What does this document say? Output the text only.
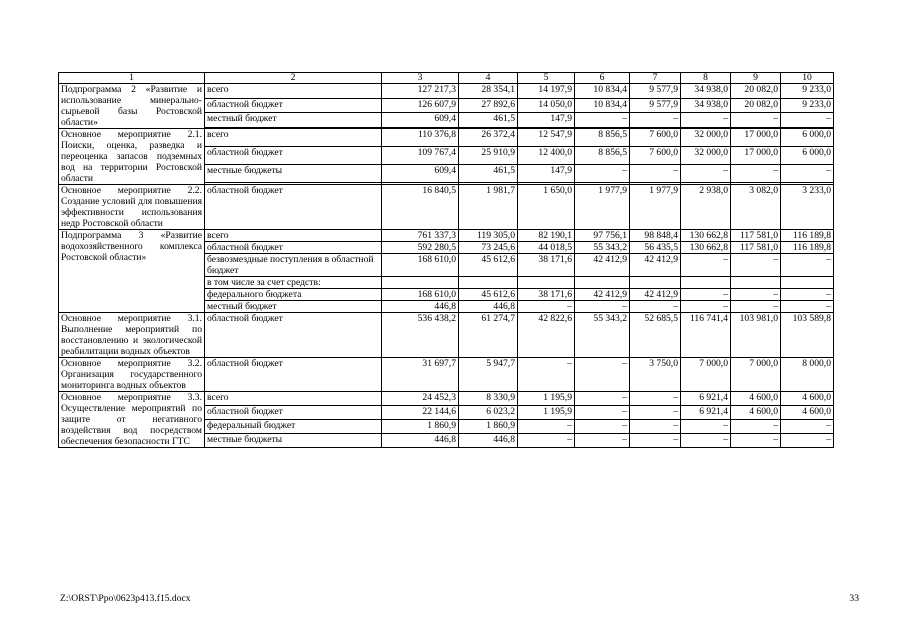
1	2	3	4	5	6	7	8	9	10
Подпрограмма 2 «Развитие и использование минерально-сырьевой базы Ростовской области»	всего	127 217,3	28 354,1	14 197,9	10 834,4	9 577,9	34 938,0	20 082,0	9 233,0
	областной бюджет	126 607,9	27 892,6	14 050,0	10 834,4	9 577,9	34 938,0	20 082,0	9 233,0
	местный бюджет	609,4	461,5	147,9	–	–	–	–	–

Основное мероприятие 2.1. Поиски, оценка, разведка и переоценка запасов подземных вод на территории Ростовской области	всего	110 376,8	26 372,4	12 547,9	8 856,5	7 600,0	32 000,0	17 000,0	6 000,0
	областной бюджет	109 767,4	25 910,9	12 400,0	8 856,5	7 600,0	32 000,0	17 000,0	6 000,0
	местные бюджеты	609,4	461,5	147,9	–	–	–	–	–

Основное мероприятие 2.2. Создание условий для повышения эффективности использования недр Ростовской области	областной бюджет	16 840,5	1 981,7	1 650,0	1 977,9	1 977,9	2 938,0	3 082,0	3 233,0
Подпрограмма 3 «Развитие водохозяйственного комплекса Ростовской области»	всего	761 337,3	119 305,0	82 190,1	97 756,1	98 848,4	130 662,8	117 581,0	116 189,8
	областной бюджет	592 280,5	73 245,6	44 018,5	55 343,2	56 435,5	130 662,8	117 581,0	116 189,8
	безвозмездные поступления в областной бюджет	168 610,0	45 612,6	38 171,6	42 412,9	42 412,9	–	–	–
	в том числе за счет средств:								
	федерального бюджета	168 610,0	45 612,6	38 171,6	42 412,9	42 412,9	–	–	–
	местный бюджет	446,8	446,8	–	–	–	–	–	–
Основное мероприятие 3.1. Выполнение мероприятий по восстановлению и экологической реабилитации водных объектов	областной бюджет	536 438,2	61 274,7	42 822,6	55 343,2	52 685,5	116 741,4	103 981,0	103 589,8
Основное мероприятие 3.2. Организация государственного мониторинга водных объектов	областной бюджет	31 697,7	5 947,7	–	–	3 750,0	7 000,0	7 000,0	8 000,0
Основное мероприятие 3.3. Осуществление мероприятий по защите от негативного воздействия вод посредством обеспечения безопасности ГТС	всего	24 452,3	8 330,9	1 195,9	–	–	6 921,4	4 600,0	4 600,0
	областной бюджет	22 144,6	6 023,2	1 195,9	–	–	6 921,4	4 600,0	4 600,0
	федеральный бюджет	1 860,9	1 860,9	–	–	–	–	–	–
	местные бюджеты	446,8	446,8	–	–	–	–	–	–
Z:\ORST\Ppo\0623p413.f15.docx	33
